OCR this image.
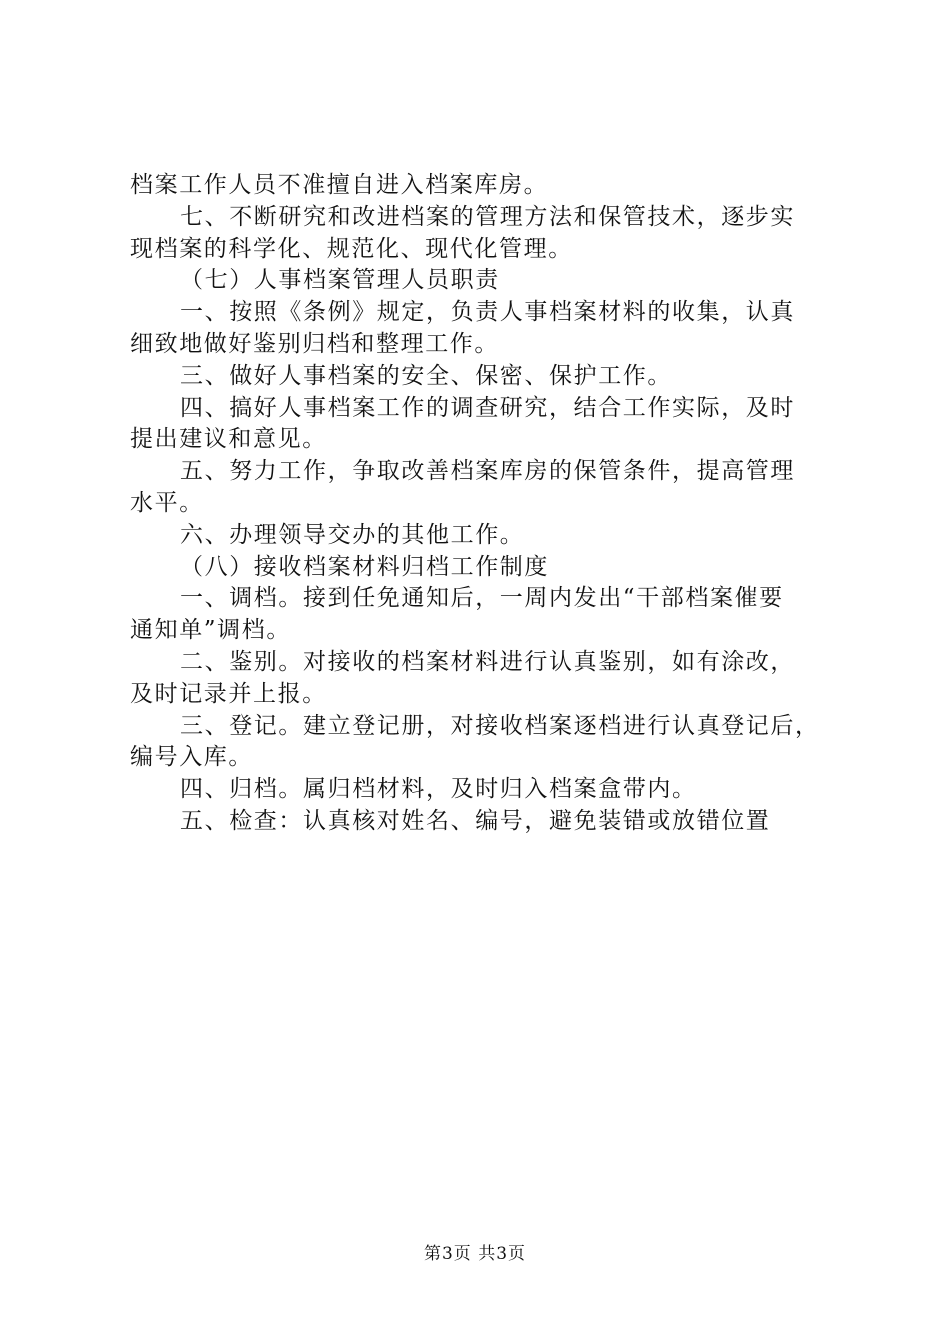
档案工作人员不准擅自进入档案库房。
七、不断研究和改进档案的管理方法和保管技术，逐步实
现档案的科学化、规范化、现代化管理。
（七）人事档案管理人员职责
一、按照《条例》规定，负责人事档案材料的收集，认真
细致地做好鉴别归档和整理工作。
三、做好人事档案的安全、保密、保护工作。
四、搞好人事档案工作的调查研究，结合工作实际，及时
提出建议和意见。
五、努力工作，争取改善档案库房的保管条件，提高管理
水平。
六、办理领导交办的其他工作。
（八）接收档案材料归档工作制度
一、调档。接到任免通知后，一周内发出“干部档案催要
通知单”调档。
二、鉴别。对接收的档案材料进行认真鉴别，如有涂改，
及时记录并上报。
三、登记。建立登记册，对接收档案逐档进行认真登记后，
编号入库。
四、归档。属归档材料，及时归入档案盒带内。
五、检查：认真核对姓名、编号，避免装错或放错位置
第3页 共3页
